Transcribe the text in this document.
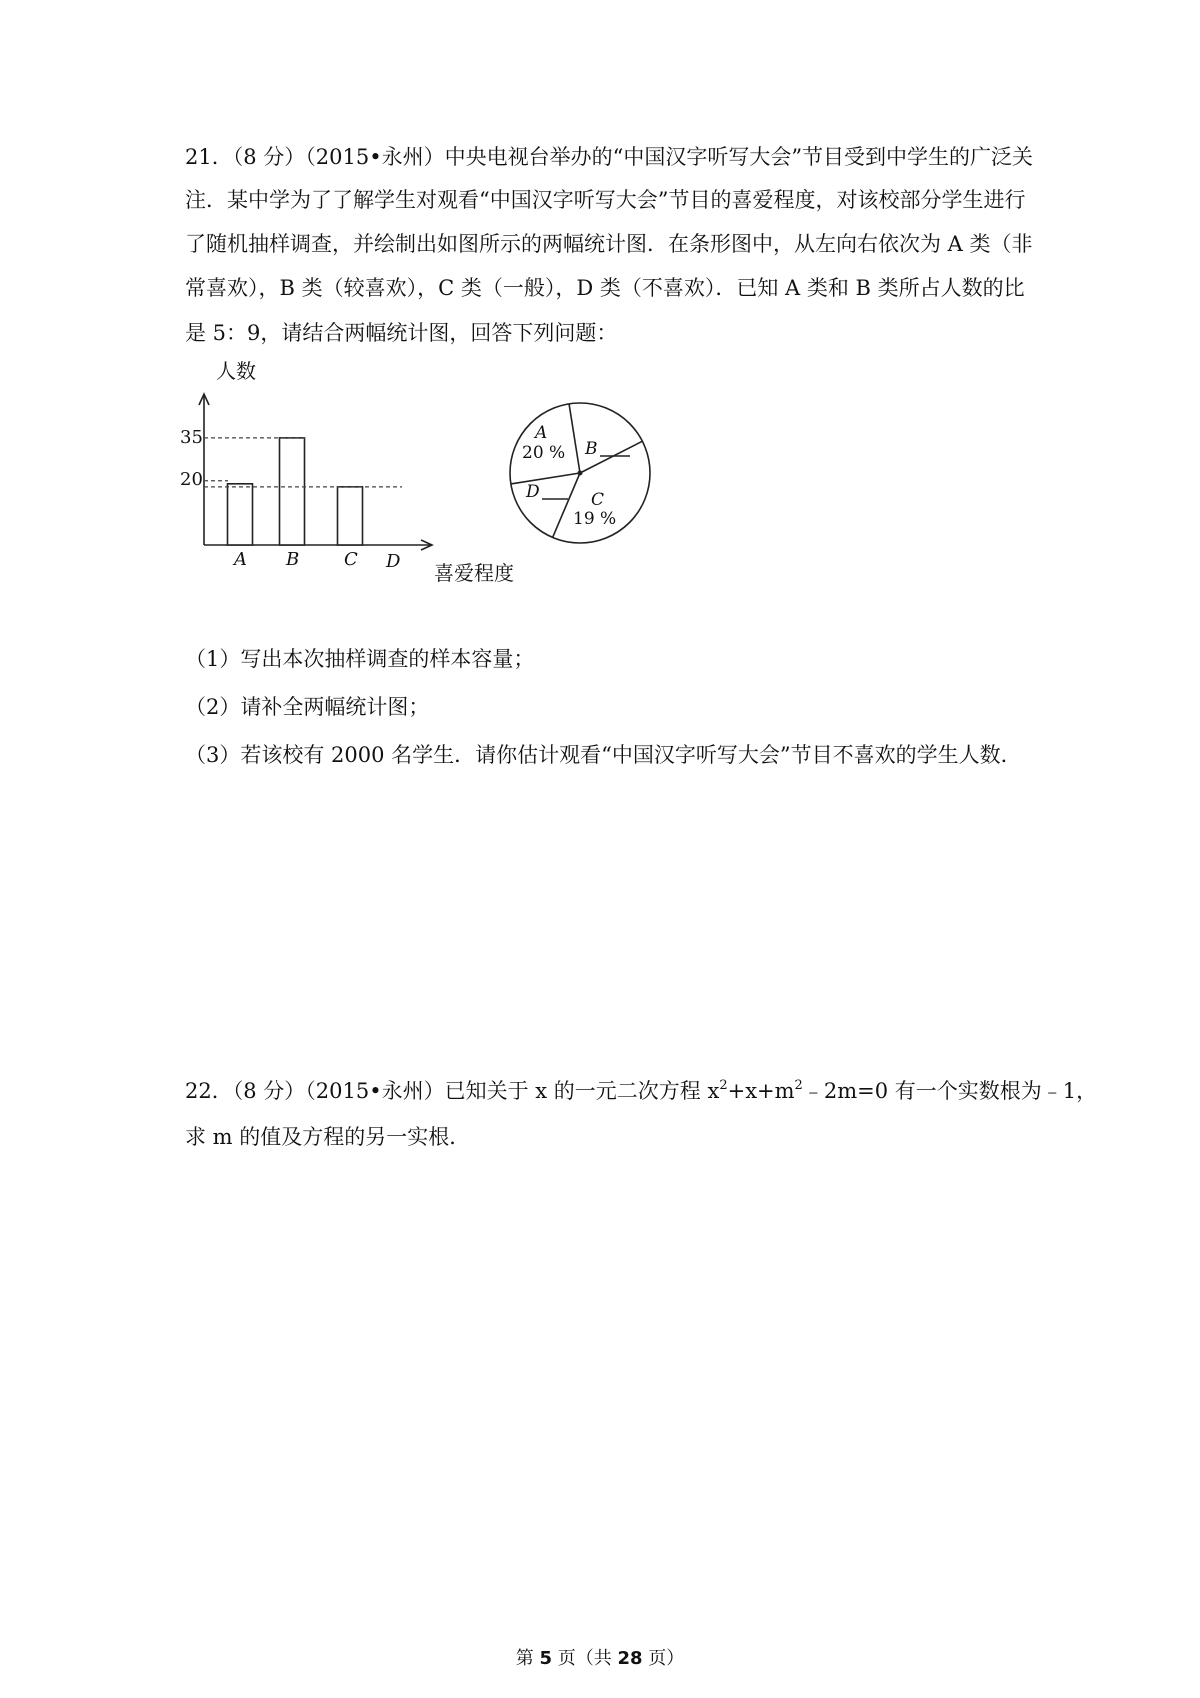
21．（8 分）（2015•永州）中央电视台举办的“中国汉字听写大会”节目受到中学生的广泛关
注．某中学为了了解学生对观看“中国汉字听写大会”节目的喜爱程度，对该校部分学生进行
了随机抽样调查，并绘制出如图所示的两幅统计图．在条形图中，从左向右依次为 A 类（非
常喜欢），B 类（较喜欢），C 类（一般），D 类（不喜欢）．已知 A 类和 B 类所占人数的比
是 5：9，请结合两幅统计图，回答下列问题：
人数
喜爱程度
35
20
A B C D
A
20 % B
C
19 %
D
（1）写出本次抽样调查的样本容量；
（2）请补全两幅统计图；
（3）若该校有 2000 名学生．请你估计观看“中国汉字听写大会”节目不喜欢的学生人数．
22．（8 分）（2015•永州）已知关于 x 的一元二次方程 $x^2+x+m^2﹣2m=0$ 有一个实数根为﹣1，
求 m 的值及方程的另一实根．
第 5 页（共 28 页）
